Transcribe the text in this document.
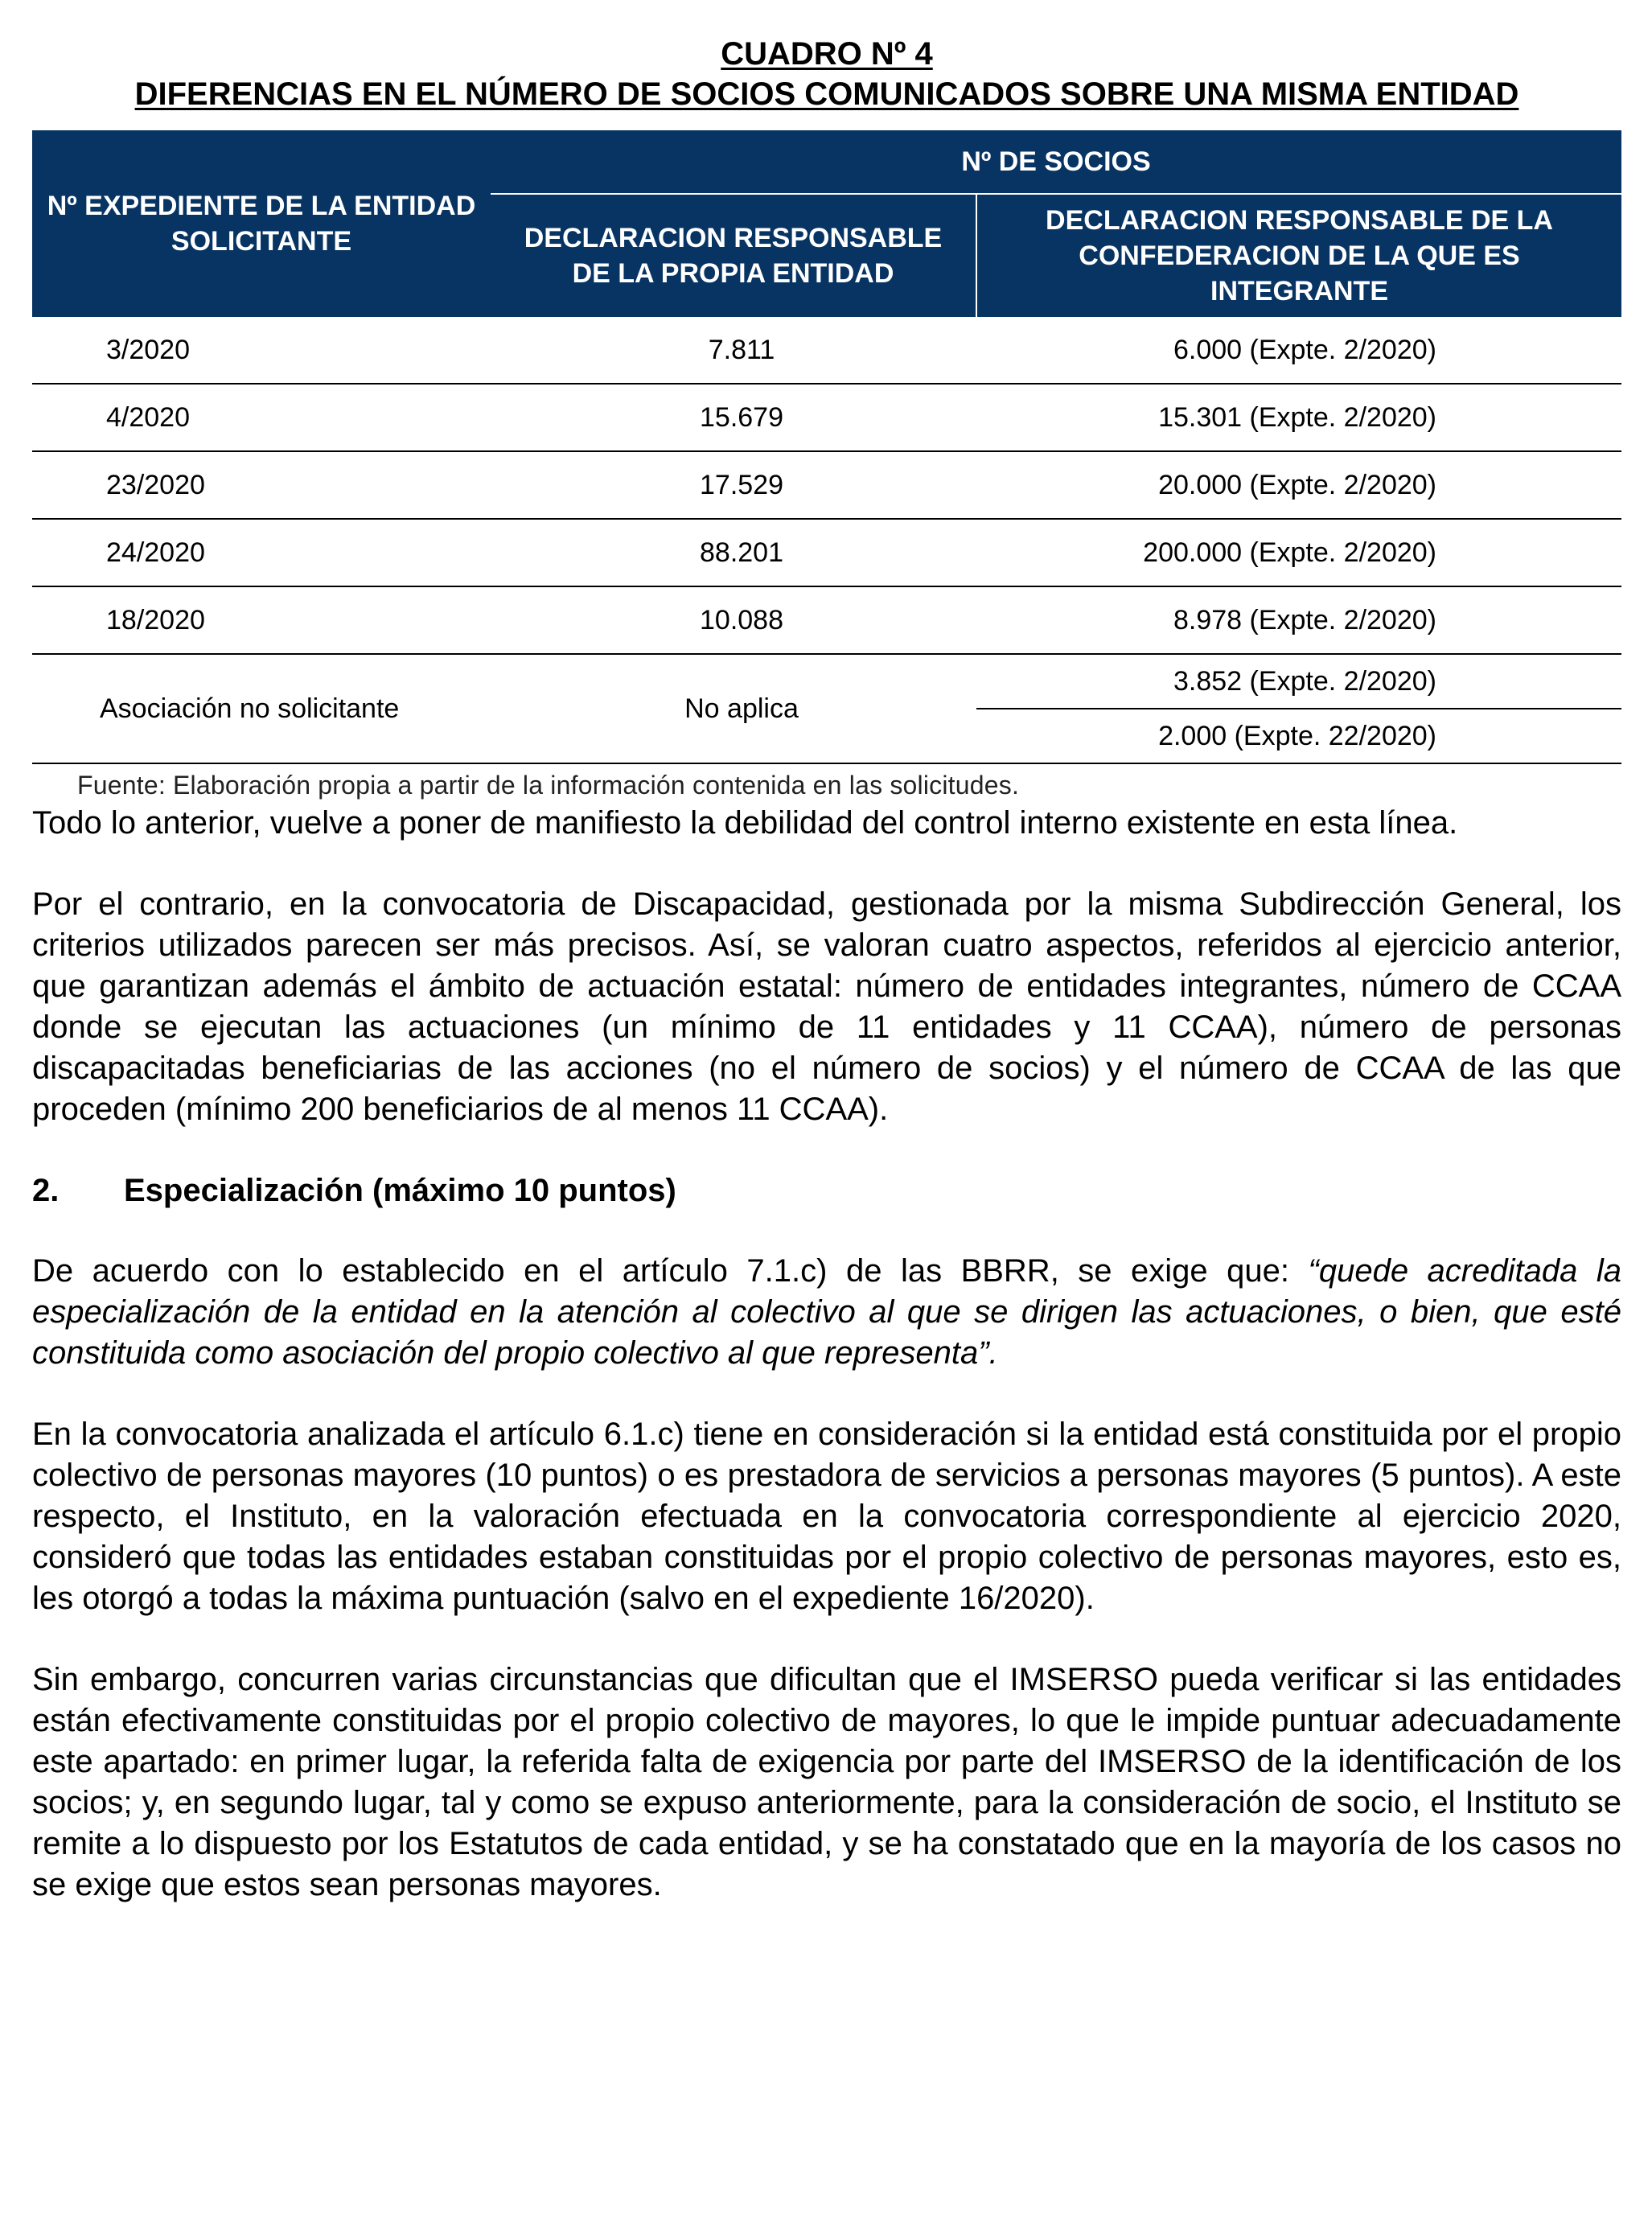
CUADRO Nº 4
DIFERENCIAS EN EL NÚMERO DE SOCIOS COMUNICADOS SOBRE UNA MISMA ENTIDAD
Nº EXPEDIENTE DE LA ENTIDAD SOLICITANTE	Nº DE SOCIOS	
	DECLARACION RESPONSABLE DE LA PROPIA ENTIDAD	DECLARACION RESPONSABLE DE LA CONFEDERACION DE LA QUE ES INTEGRANTE
3/2020	7.811	6.000 (Expte. 2/2020)
4/2020	15.679	15.301 (Expte. 2/2020)
23/2020	17.529	20.000 (Expte. 2/2020)
24/2020	88.201	200.000 (Expte. 2/2020)
18/2020	10.088	8.978 (Expte. 2/2020)
Asociación no solicitante	No aplica	3.852 (Expte. 2/2020)
		2.000 (Expte. 22/2020)
Fuente: Elaboración propia a partir de la información contenida en las solicitudes.

Todo lo anterior, vuelve a poner de manifiesto la debilidad del control interno existente en esta línea.

Por el contrario, en la convocatoria de Discapacidad, gestionada por la misma Subdirección General, los criterios utilizados parecen ser más precisos. Así, se valoran cuatro aspectos, referidos al ejercicio anterior, que garantizan además el ámbito de actuación estatal: número de entidades integrantes, número de CCAA donde se ejecutan las actuaciones (un mínimo de 11 entidades y 11 CCAA), número de personas discapacitadas beneficiarias de las acciones (no el número de socios) y el número de CCAA de las que proceden (mínimo 200 beneficiarios de al menos 11 CCAA).

2. Especialización (máximo 10 puntos)

De acuerdo con lo establecido en el artículo 7.1.c) de las BBRR, se exige que: “quede acreditada la especialización de la entidad en la atención al colectivo al que se dirigen las actuaciones, o bien, que esté constituida como asociación del propio colectivo al que representa”.

En la convocatoria analizada el artículo 6.1.c) tiene en consideración si la entidad está constituida por el propio colectivo de personas mayores (10 puntos) o es prestadora de servicios a personas mayores (5 puntos). A este respecto, el Instituto, en la valoración efectuada en la convocatoria correspondiente al ejercicio 2020, consideró que todas las entidades estaban constituidas por el propio colectivo de personas mayores, esto es, les otorgó a todas la máxima puntuación (salvo en el expediente 16/2020).

Sin embargo, concurren varias circunstancias que dificultan que el IMSERSO pueda verificar si las entidades están efectivamente constituidas por el propio colectivo de mayores, lo que le impide puntuar adecuadamente este apartado: en primer lugar, la referida falta de exigencia por parte del IMSERSO de la identificación de los socios; y, en segundo lugar, tal y como se expuso anteriormente, para la consideración de socio, el Instituto se remite a lo dispuesto por los Estatutos de cada entidad, y se ha constatado que en la mayoría de los casos no se exige que estos sean personas mayores.
